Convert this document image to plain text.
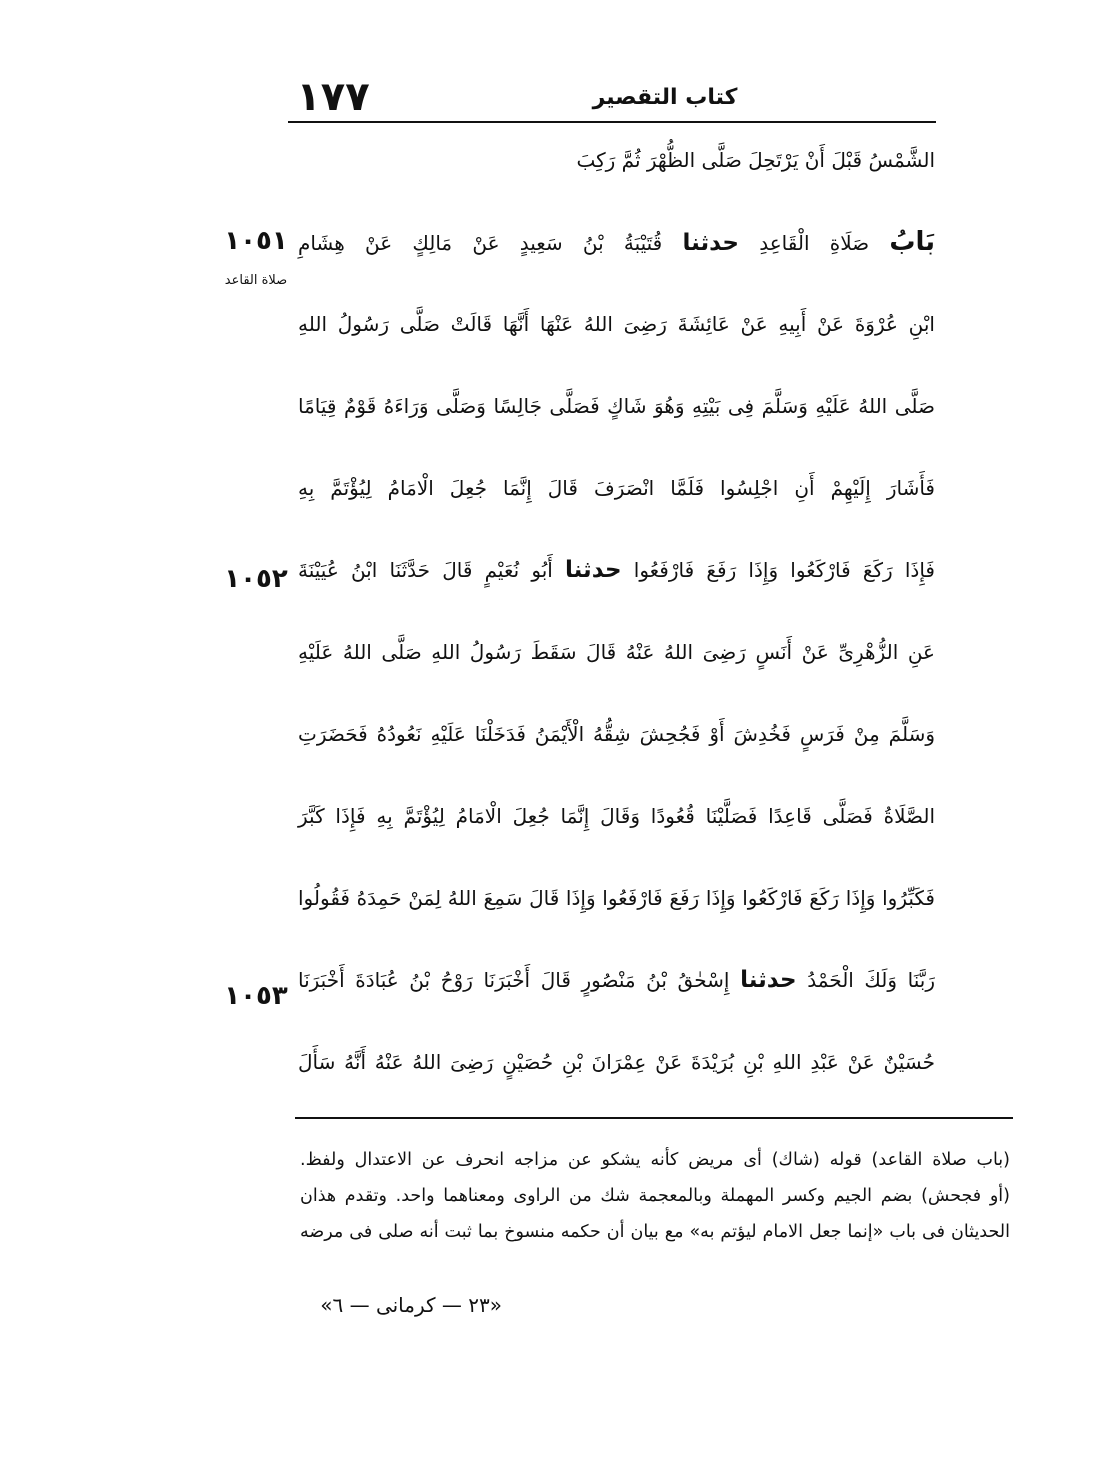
١٧٧	كتاب التقصير
الشَّمْسُ قَبْلَ أَنْ يَرْتَحِلَ صَلَّى الظُّهْرَ ثُمَّ رَكِبَ
بَابُ صَلَاةِ الْقَاعِدِ حدثنا قُتَيْبَةُ بْنُ سَعِيدٍ عَنْ مَالِكٍ عَنْ هِشَامِ
ابْنِ عُرْوَةَ عَنْ أَبِيهِ عَنْ عَائِشَةَ رَضِىَ اللهُ عَنْهَا أَنَّهَا قَالَتْ صَلَّى رَسُولُ اللهِ
صَلَّى اللهُ عَلَيْهِ وَسَلَّمَ فِى بَيْتِهِ وَهُوَ شَاكٍ فَصَلَّى جَالِسًا وَصَلَّى وَرَاءَهُ قَوْمٌ قِيَامًا
فَأَشَارَ إِلَيْهِمْ أَنِ اجْلِسُوا فَلَمَّا انْصَرَفَ قَالَ إِنَّمَا جُعِلَ الْامَامُ لِيُؤْتَمَّ بِهِ
فَإِذَا رَكَعَ فَارْكَعُوا وَإِذَا رَفَعَ فَارْفَعُوا حدثنا أَبُو نُعَيْمٍ قَالَ حَدَّثَنَا ابْنُ عُيَيْنَةَ
عَنِ الزُّهْرِىِّ عَنْ أَنَسٍ رَضِىَ اللهُ عَنْهُ قَالَ سَقَطَ رَسُولُ اللهِ صَلَّى اللهُ عَلَيْهِ
وَسَلَّمَ مِنْ فَرَسٍ فَخُدِشَ أَوْ فَجُحِشَ شِقُّهُ الْأَيْمَنُ فَدَخَلْنَا عَلَيْهِ نَعُودُهُ فَحَضَرَتِ
الصَّلَاةُ فَصَلَّى قَاعِدًا فَصَلَّيْنَا قُعُودًا وَقَالَ إِنَّمَا جُعِلَ الْامَامُ لِيُؤْتَمَّ بِهِ فَإِذَا كَبَّرَ
فَكَبِّرُوا وَإِذَا رَكَعَ فَارْكَعُوا وَإِذَا رَفَعَ فَارْفَعُوا وَإِذَا قَالَ سَمِعَ اللهُ لِمَنْ حَمِدَهُ فَقُولُوا
رَبَّنَا وَلَكَ الْحَمْدُ حدثنا إِسْحٰقُ بْنُ مَنْصُورٍ قَالَ أَخْبَرَنَا رَوْحُ بْنُ عُبَادَةَ أَخْبَرَنَا
حُسَيْنٌ عَنْ عَبْدِ اللهِ بْنِ بُرَيْدَةَ عَنْ عِمْرَانَ بْنِ حُصَيْنٍ رَضِىَ اللهُ عَنْهُ أَنَّهُ سَأَلَ
١٠٥١
صلاة القاعد
١٠٥٢
١٠٥٣
(باب صلاة القاعد) قوله (شاك) أى مريض كأنه يشكو عن مزاجه انحرف عن الاعتدال ولفظ.
(أو فجحش) بضم الجيم وكسر المهملة وبالمعجمة شك من الراوى ومعناهما واحد. وتقدم هذان
الحديثان فى باب «إنما جعل الامام ليؤتم به» مع بيان أن حكمه منسوخ بما ثبت أنه صلى فى مرضه
«٢٣ — كرمانى — ٦»
